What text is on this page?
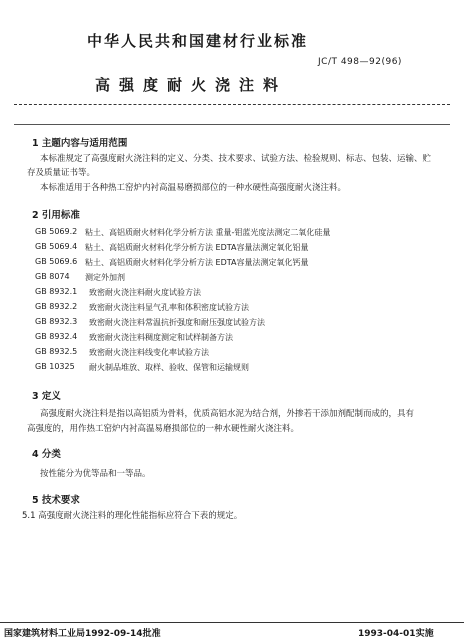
中华人民共和国建材行业标准
JC/T 498—92(96)
高强度耐火浇注料
1 主题内容与适用范围
本标准规定了高强度耐火浇注料的定义、分类、技术要求、试验方法、检验规则、标志、包装、运输、贮
存及质量证书等。
本标准适用于各种热工窑炉内衬高温易磨损部位的一种水硬性高强度耐火浇注料。
2 引用标准
GB 5069.2 粘土、高铝质耐火材料化学分析方法 重量-钼蓝光度法测定二氧化硅量
GB 5069.4 粘土、高铝质耐火材料化学分析方法 EDTA容量法测定氧化铝量
GB 5069.6 粘土、高铝质耐火材料化学分析方法 EDTA容量法测定氧化钙量
GB 8074 测定外加剂
GB 8932.1 致密耐火浇注料耐火度试验方法
GB 8932.2 致密耐火浇注料显气孔率和体积密度试验方法
GB 8932.3 致密耐火浇注料常温抗折强度和耐压强度试验方法
GB 8932.4 致密耐火浇注料稠度测定和试样制备方法
GB 8932.5 致密耐火浇注料线变化率试验方法
GB 10325 耐火制品堆放、取样、验收、保管和运输规则
3 定义
高强度耐火浇注料是指以高铝质为骨料，优质高铝水泥为结合剂，外掺若干添加剂配制而成的，具有
高强度的，用作热工窑炉内衬高温易磨损部位的一种水硬性耐火浇注料。
4 分类
按性能分为优等品和一等品。
5 技术要求
5.1 高强度耐火浇注料的理化性能指标应符合下表的规定。
国家建筑材料工业局1992-09-14批准	1993-04-01实施
